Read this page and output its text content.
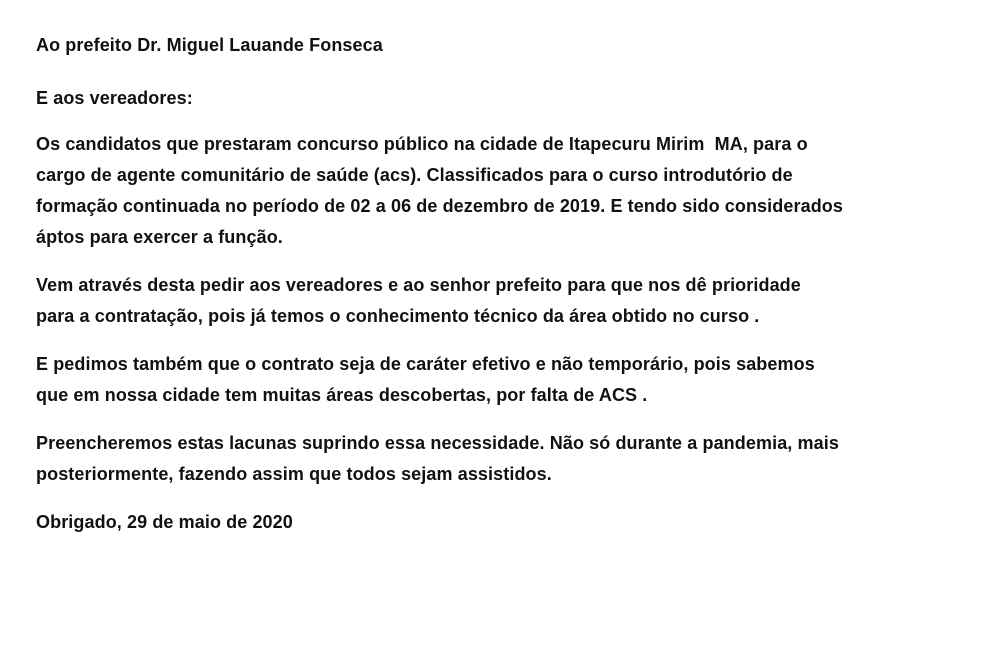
Ao prefeito Dr. Miguel Lauande Fonseca
E aos vereadores:
Os candidatos que prestaram concurso público na cidade de Itapecuru Mirim  MA, para o
cargo de agente comunitário de saúde (acs). Classificados para o curso introdutório de
formação continuada no período de 02 a 06 de dezembro de 2019. E tendo sido considerados
áptos para exercer a função.
Vem através desta pedir aos vereadores e ao senhor prefeito para que nos dê prioridade
para a contratação, pois já temos o conhecimento técnico da área obtido no curso .
E pedimos também que o contrato seja de caráter efetivo e não temporário, pois sabemos
que em nossa cidade tem muitas áreas descobertas, por falta de ACS .
Preencheremos estas lacunas suprindo essa necessidade. Não só durante a pandemia, mais
posteriormente, fazendo assim que todos sejam assistidos.
Obrigado, 29 de maio de 2020
